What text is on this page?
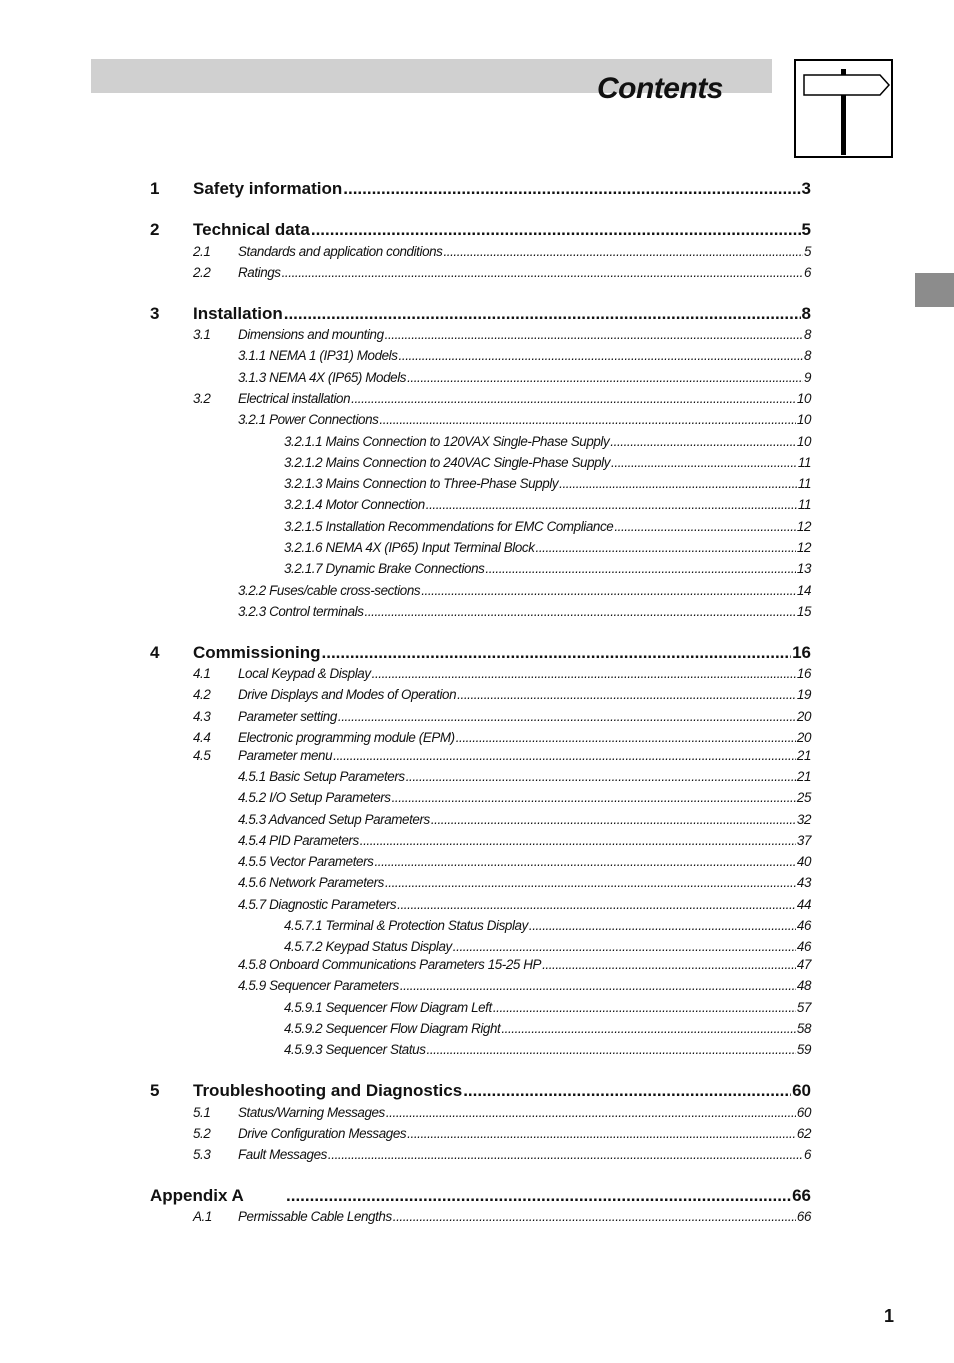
Contents
1 Safety information .....	3
2 Technical data .....	5
2.1 Standards and application conditions .....	5
2.2 Ratings .....	6
3 Installation .....	8
3.1 Dimensions and mounting .....	8
3.1.1 NEMA 1 (IP31) Models .....	8
3.1.3 NEMA 4X (IP65) Models .....	9
3.2 Electrical installation .....	10
3.2.1 Power Connections .....	10
3.2.1.1 Mains Connection to 120VAX Single-Phase Supply .....	10
3.2.1.2 Mains Connection to 240VAC Single-Phase Supply .....	11
3.2.1.3 Mains Connection to Three-Phase Supply .....	11
3.2.1.4 Motor Connection .....	11
3.2.1.5 Installation Recommendations for EMC Compliance .....	12
3.2.1.6 NEMA 4X (IP65) Input Terminal Block .....	12
3.2.1.7 Dynamic Brake Connections .....	13
3.2.2 Fuses/cable cross-sections .....	14
3.2.3 Control terminals .....	15
4 Commissioning .....	16
4.1 Local Keypad & Display .....	16
4.2 Drive Displays and Modes of Operation .....	19
4.3 Parameter setting .....	20
4.4 Electronic programming module (EPM) .....	20
4.5 Parameter menu .....	21
4.5.1 Basic Setup Parameters .....	21
4.5.2 I/O Setup Parameters .....	25
4.5.3 Advanced Setup Parameters .....	32
4.5.4 PID Parameters .....	37
4.5.5 Vector Parameters .....	40
4.5.6 Network Parameters .....	43
4.5.7 Diagnostic Parameters .....	44
4.5.7.1 Terminal & Protection Status Display .....	46
4.5.7.2 Keypad Status Display .....	46
4.5.8 Onboard Communications Parameters 15-25 HP .....	47
4.5.9 Sequencer Parameters .....	48
4.5.9.1 Sequencer Flow Diagram Left .....	57
4.5.9.2 Sequencer Flow Diagram Right .....	58
4.5.9.3 Sequencer Status .....	59
5 Troubleshooting and Diagnostics .....	60
5.1 Status/Warning Messages .....	60
5.2 Drive Configuration Messages .....	62
5.3 Fault Messages .....	6
Appendix A .....	66
A.1 Permissable Cable Lengths .....	66
1
